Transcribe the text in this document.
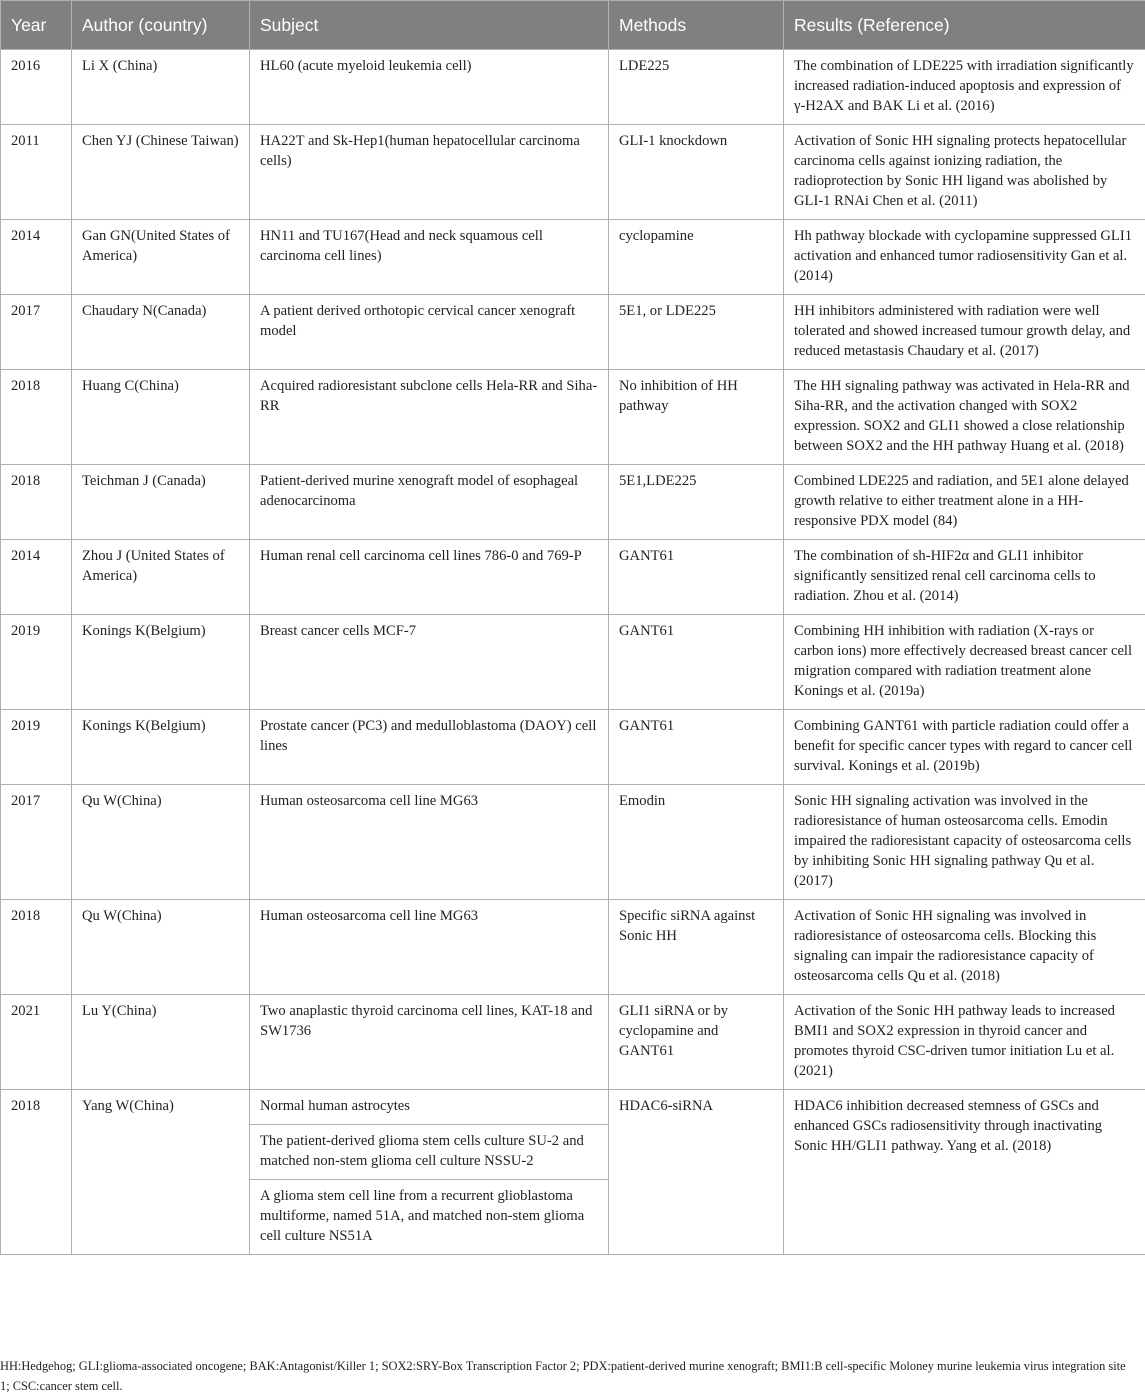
Year	Author (country)	Subject	Methods	Results (Reference)
2016	Li X (China)	HL60 (acute myeloid leukemia cell)	LDE225	The combination of LDE225 with irradiation significantly increased radiation-induced apoptosis and expression of γ-H2AX and BAK Li et al. (2016)
2011	Chen YJ (Chinese Taiwan)	HA22T and Sk-Hep1(human hepatocellular carcinoma cells)	GLI-1 knockdown	Activation of Sonic HH signaling protects hepatocellular carcinoma cells against ionizing radiation, the radioprotection by Sonic HH ligand was abolished by GLI-1 RNAi Chen et al. (2011)
2014	Gan GN(United States of America)	HN11 and TU167(Head and neck squamous cell carcinoma cell lines)	cyclopamine	Hh pathway blockade with cyclopamine suppressed GLI1 activation and enhanced tumor radiosensitivity Gan et al. (2014)
2017	Chaudary N(Canada)	A patient derived orthotopic cervical cancer xenograft model	5E1, or LDE225	HH inhibitors administered with radiation were well tolerated and showed increased tumour growth delay, and reduced metastasis Chaudary et al. (2017)
2018	Huang C(China)	Acquired radioresistant subclone cells Hela-RR and Siha-RR	No inhibition of HH pathway	The HH signaling pathway was activated in Hela-RR and Siha-RR, and the activation changed with SOX2 expression. SOX2 and GLI1 showed a close relationship between SOX2 and the HH pathway Huang et al. (2018)
2018	Teichman J (Canada)	Patient-derived murine xenograft model of esophageal adenocarcinoma	5E1,LDE225	Combined LDE225 and radiation, and 5E1 alone delayed growth relative to either treatment alone in a HH-responsive PDX model (84)
2014	Zhou J (United States of America)	Human renal cell carcinoma cell lines 786-0 and 769-P	GANT61	The combination of sh-HIF2α and GLI1 inhibitor significantly sensitized renal cell carcinoma cells to radiation. Zhou et al. (2014)
2019	Konings K(Belgium)	Breast cancer cells MCF-7	GANT61	Combining HH inhibition with radiation (X-rays or carbon ions) more effectively decreased breast cancer cell migration compared with radiation treatment alone Konings et al. (2019a)
2019	Konings K(Belgium)	Prostate cancer (PC3) and medulloblastoma (DAOY) cell lines	GANT61	Combining GANT61 with particle radiation could offer a benefit for specific cancer types with regard to cancer cell survival. Konings et al. (2019b)
2017	Qu W(China)	Human osteosarcoma cell line MG63	Emodin	Sonic HH signaling activation was involved in the radioresistance of human osteosarcoma cells. Emodin impaired the radioresistant capacity of osteosarcoma cells by inhibiting Sonic HH signaling pathway Qu et al. (2017)
2018	Qu W(China)	Human osteosarcoma cell line MG63	Specific siRNA against Sonic HH	Activation of Sonic HH signaling was involved in radioresistance of osteosarcoma cells. Blocking this signaling can impair the radioresistance capacity of osteosarcoma cells Qu et al. (2018)
2021	Lu Y(China)	Two anaplastic thyroid carcinoma cell lines, KAT-18 and SW1736	GLI1 siRNA or by cyclopamine and GANT61	Activation of the Sonic HH pathway leads to increased BMI1 and SOX2 expression in thyroid cancer and promotes thyroid CSC-driven tumor initiation Lu et al. (2021)
2018	Yang W(China)	Normal human astrocytes	HDAC6-siRNA	HDAC6 inhibition decreased stemness of GSCs and enhanced GSCs radiosensitivity through inactivating Sonic HH/GLI1 pathway. Yang et al. (2018)
		The patient-derived glioma stem cells culture SU-2 and matched non-stem glioma cell culture NSSU-2		
		A glioma stem cell line from a recurrent glioblastoma multiforme, named 51A, and matched non-stem glioma cell culture NS51A		

HH:Hedgehog; GLI:glioma-associated oncogene; BAK:Antagonist/Killer 1; SOX2:SRY-Box Transcription Factor 2; PDX:patient-derived murine xenograft; BMI1:B cell-specific Moloney murine leukemia virus integration site 1; CSC:cancer stem cell.
